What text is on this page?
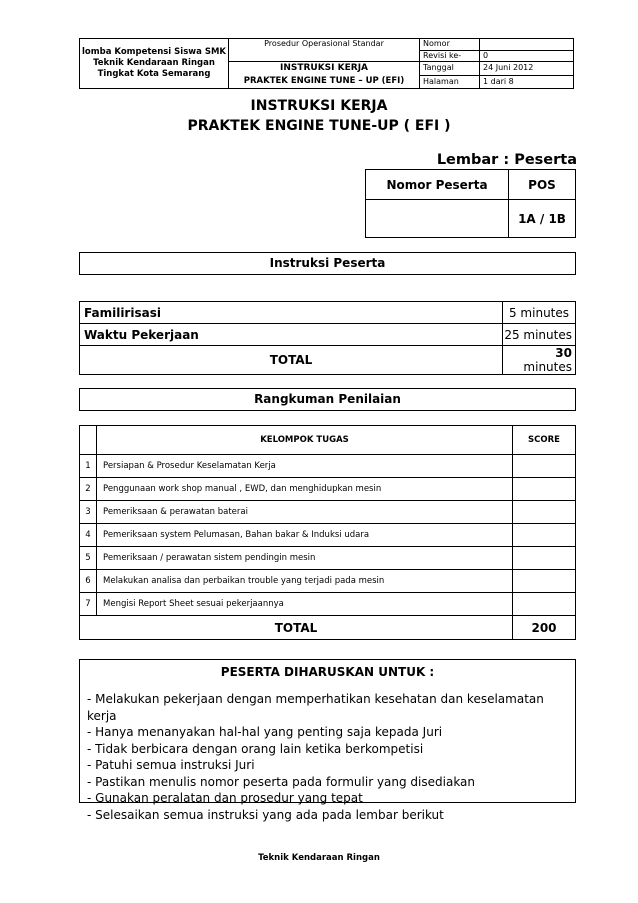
lomba Kompetensi Siswa SMK
Teknik Kendaraan Ringan
Tingkat Kota Semarang	Prosedur Operasional Standar	Nomor	
		Revisi ke-	0

	INSTRUKSI KERJA
PRAKTEK ENGINE TUNE – UP (EFI)	Tanggal	24 Juni 2012
		Halaman	1 dari 8
INSTRUKSI KERJA
PRAKTEK ENGINE TUNE-UP ( EFI )
Lembar : Peserta
Nomor Peserta	POS
	1A / 1B
Instruksi Peserta
Familirisasi	5 minutes
Waktu Pekerjaan	25 minutes
TOTAL	30 minutes
Rangkuman Penilaian
	KELOMPOK TUGAS	SCORE
1	Persiapan & Prosedur Keselamatan Kerja	
2	Penggunaan work shop manual , EWD, dan menghidupkan mesin	
3	Pemeriksaan & perawatan baterai	
4	Pemeriksaan system Pelumasan, Bahan bakar & Induksi udara	
5	Pemeriksaan / perawatan sistem pendingin mesin	
6	Melakukan analisa dan perbaikan trouble yang terjadi pada mesin	
7	Mengisi Report Sheet sesuai pekerjaannya	
TOTAL		200
PESERTA DIHARUSKAN UNTUK :
- Melakukan pekerjaan dengan memperhatikan kesehatan dan keselamatan kerja
- Hanya menanyakan hal-hal yang penting saja kepada Juri
- Tidak berbicara dengan orang lain ketika berkompetisi
- Patuhi semua instruksi Juri
- Pastikan menulis nomor peserta pada formulir yang disediakan
- Gunakan peralatan dan prosedur yang tepat
- Selesaikan semua instruksi yang ada pada lembar berikut
Teknik Kendaraan Ringan
